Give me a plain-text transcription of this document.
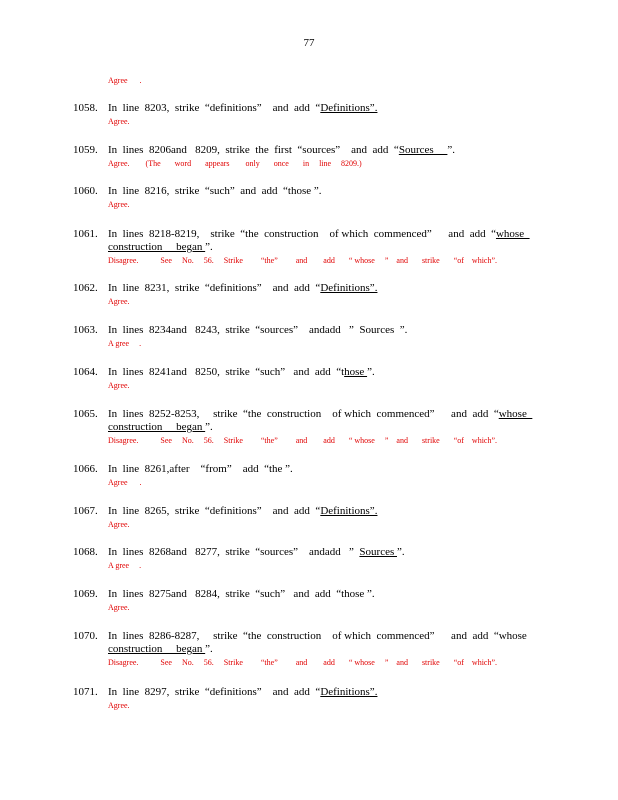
77
Agree      .
1058. In  line  8203,  strike  “definitions”    and  add  “Definitions”.
Agree.
1059. In  lines  8206and   8209,  strike  the  first  “sources”    and  add  “Sources     ”.
Agree.        (The       word       appears        only       once       in     line     8209.)
1060. In  line  8216,  strike  “such”  and  add  “those ”.
Agree.
1061. In  lines  8218-8219,    strike  “the  construction    of which  commenced”      and  add  “whose
construction     began ”.
Disagree.           See     No.     56.     Strike         “the”         and        add       “ whose     ”    and       strike       “of    which”.
1062. In  line  8231,  strike  “definitions”    and  add  “Definitions”.
Agree.
1063. In  lines  8234and   8243,  strike  “sources”    andadd   ”  Sources  ”.
A gree     .
1064. In  lines  8241and   8250,  strike  “such”   and  add  “those ”.
Agree.
1065. In  lines  8252-8253,     strike  “the  construction    of which  commenced”      and  add  “whose
construction     began ”.
Disagree.           See     No.     56.     Strike         “the”         and        add       “ whose     ”    and       strike       “of    which”.
1066. In  line  8261,after    “from”    add  “the ”.
Agree      .
1067. In  line  8265,  strike  “definitions”    and  add  “Definitions”.
Agree.
1068. In  lines  8268and   8277,  strike  “sources”    andadd   ”  Sources ”.
A gree     .
1069. In  lines  8275and   8284,  strike  “such”   and  add  “those ”.
Agree.
1070. In  lines  8286-8287,     strike  “the  construction    of which  commenced”      and  add  “whose
construction     began ”.
Disagree.           See     No.     56.     Strike         “the”         and        add       “ whose     ”    and       strike       “of    which”.
1071. In  line  8297,  strike  “definitions”    and  add  “Definitions”.
Agree.
